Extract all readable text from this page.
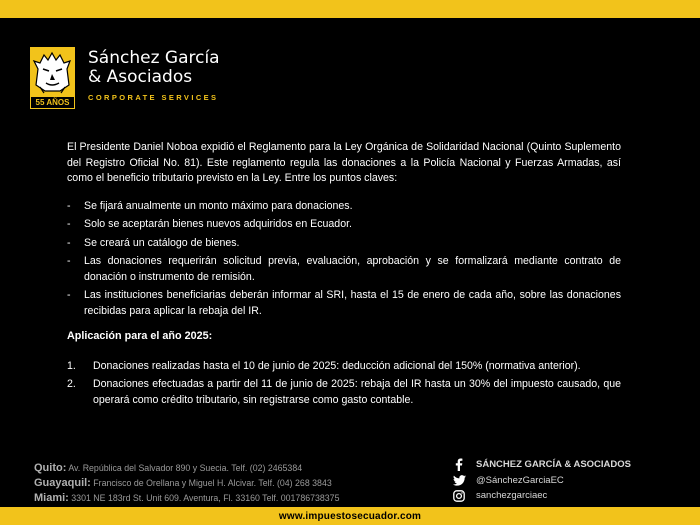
55 AÑOS
Sánchez García
& Asociados
CORPORATE SERVICES

El Presidente Daniel Noboa expidió el Reglamento para la Ley Orgánica de Solidaridad Nacional (Quinto Suplemento del Registro Oficial No. 81). Este reglamento regula las donaciones a la Policía Nacional y Fuerzas Armadas, así como el beneficio tributario previsto en la Ley. Entre los puntos claves:

- Se fijará anualmente un monto máximo para donaciones.
- Solo se aceptarán bienes nuevos adquiridos en Ecuador.
- Se creará un catálogo de bienes.
- Las donaciones requerirán solicitud previa, evaluación, aprobación y se formalizará mediante contrato de donación o instrumento de remisión.
- Las instituciones beneficiarias deberán informar al SRI, hasta el 15 de enero de cada año, sobre las donaciones recibidas para aplicar la rebaja del IR.
Aplicación para el año 2025:
1. Donaciones realizadas hasta el 10 de junio de 2025: deducción adicional del 150% (normativa anterior).
2. Donaciones efectuadas a partir del 11 de junio de 2025: rebaja del IR hasta un 30% del impuesto causado, que operará como crédito tributario, sin registrarse como gasto contable.
Quito: Av. República del Salvador 890 y Suecia. Telf. (02) 2465384
Guayaquil: Francisco de Orellana y Miguel H. Alcivar. Telf. (04) 268 3843
Miami: 3301 NE 183rd St. Unit 609. Aventura, Fl. 33160 Telf. 001786738375
SÁNCHEZ GARCÍA & ASOCIADOS
@SánchezGarciaEC
sanchezgarciaec
www.impuestosecuador.com
